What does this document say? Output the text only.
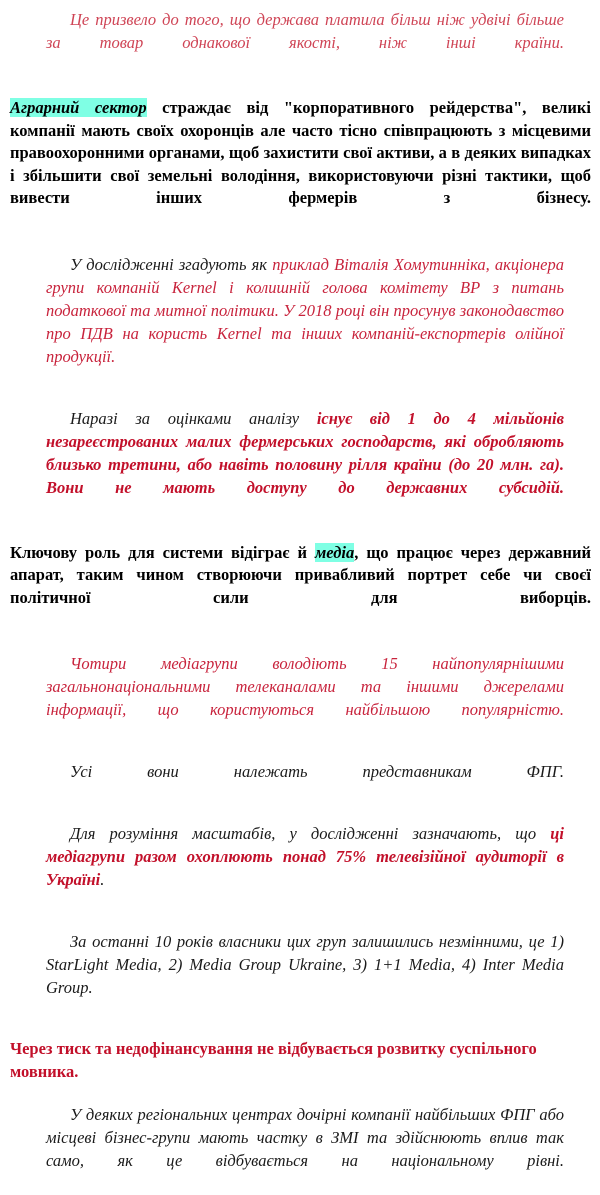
Це призвело до того, що держава платила більш ніж удвічі більше за товар однакової якості, ніж інші країни.

Аграрний сектор страждає від "корпоративного рейдерства", великі компанії мають своїх охоронців але часто тісно співпрацюють з місцевими правоохоронними органами, щоб захистити свої активи, а в деяких випадках і збільшити свої земельні володіння, використовуючи різні тактики, щоб вивести інших фермерів з бізнесу.

У дослідженні згадують як приклад Віталія Хомутинніка, акціонера групи компаній Kernel і колишній голова комітету ВР з питань податкової та митної політики. У 2018 році він просунув законодавство про ПДВ на користь Kernel та інших компаній-експортерів олійної продукції.

Наразі за оцінками аналізу існує від 1 до 4 мільйонів незареєстрованих малих фермерських господарств, які обробляють близько третини, або навіть половину рілля країни (до 20 млн. га). Вони не мають доступу до державних субсидій.

Ключову роль для системи відіграє й медіа, що працює через державний апарат, таким чином створюючи привабливий портрет себе чи своєї політичної сили для виборців.

Чотири медіагрупи володіють 15 найпопулярнішими загальнонаціональними телеканалами та іншими джерелами інформації, що користуються найбільшою популярністю.

Усі вони належать представникам ФПГ.

Для розуміння масштабів, у дослідженні зазначають, що ці медіагрупи разом охоплюють понад 75% телевізійної аудиторії в Україні.

За останні 10 років власники цих груп залишились незмінними, це 1) StarLight Media, 2) Media Group Ukraine, 3) 1+1 Media, 4) Inter Media Group.

Через тиск та недофінансування не відбувається розвитку суспільного мовника.

У деяких регіональних центрах дочірні компанії найбільших ФПГ або місцеві бізнес-групи мають частку в ЗМІ та здійснюють вплив так само, як це відбувається на національному рівні.
